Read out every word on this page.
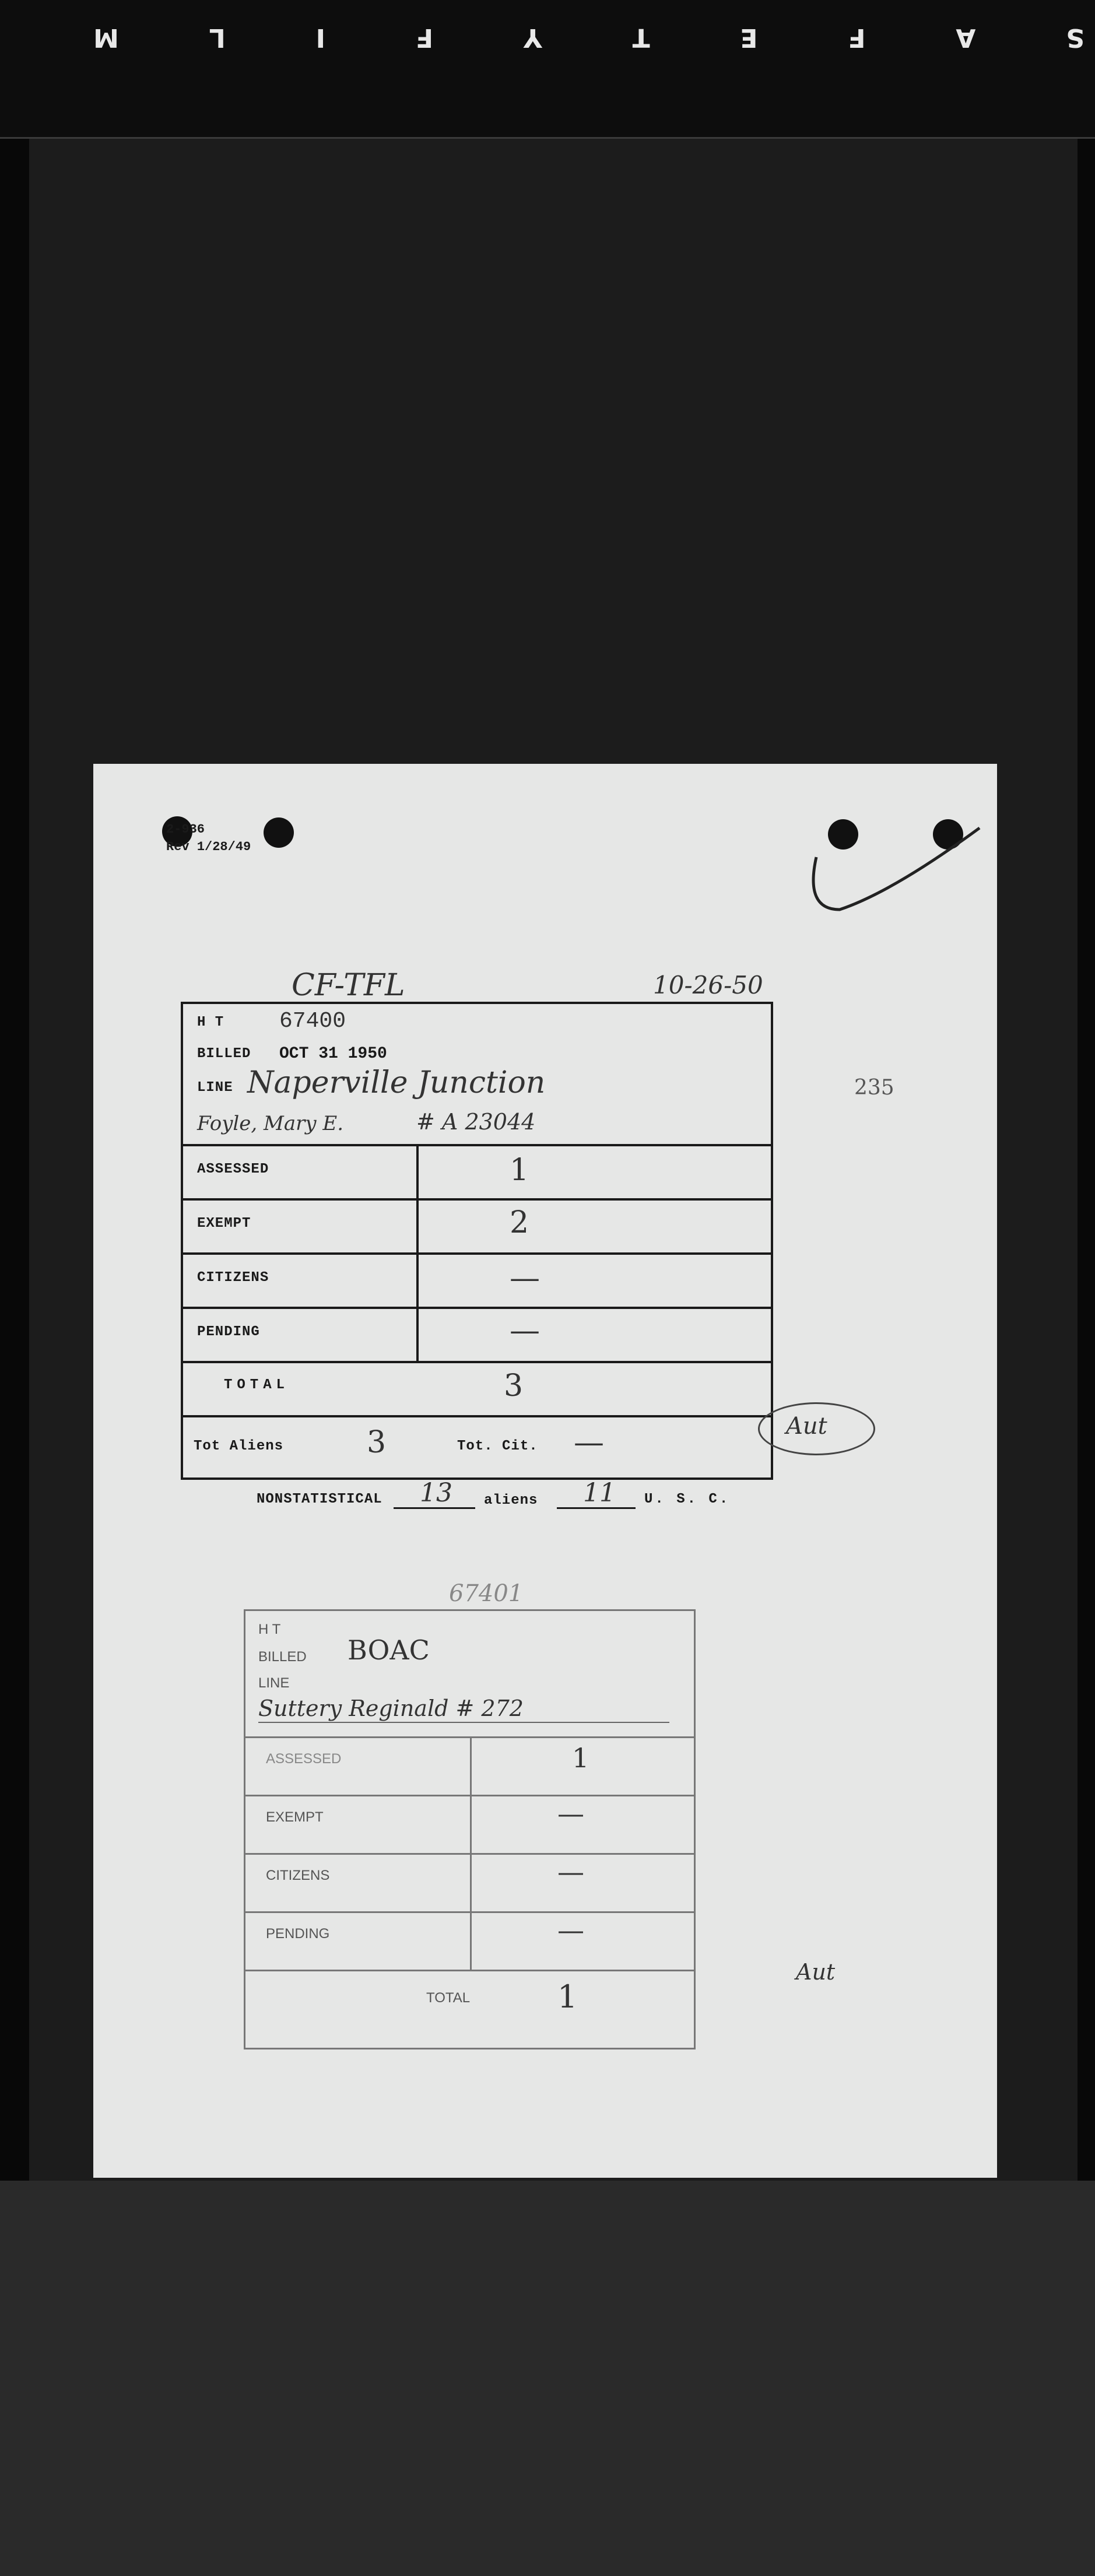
S
A
F
E
T
Y
F
I
L
M
2-936
Rev 1/28/49
235
CF-TFL	10-26-50
H T 67400
BILLED OCT 31 1950
LINE Naperville Junction
Foyle, Mary E.	# A 23044
ASSESSED	1
EXEMPT	2
CITIZENS	—
PENDING	—
TOTAL	3
Tot Aliens	3	Tot. Cit. —	Aut
NONSTATISTICAL 13 aliens 11 U. S. C.
67401
H T
BILLED BOAC
LINE
Suttery Reginald # 272
ASSESSED	1
EXEMPT	—
CITIZENS	—
PENDING	—
TOTAL	1
Aut
